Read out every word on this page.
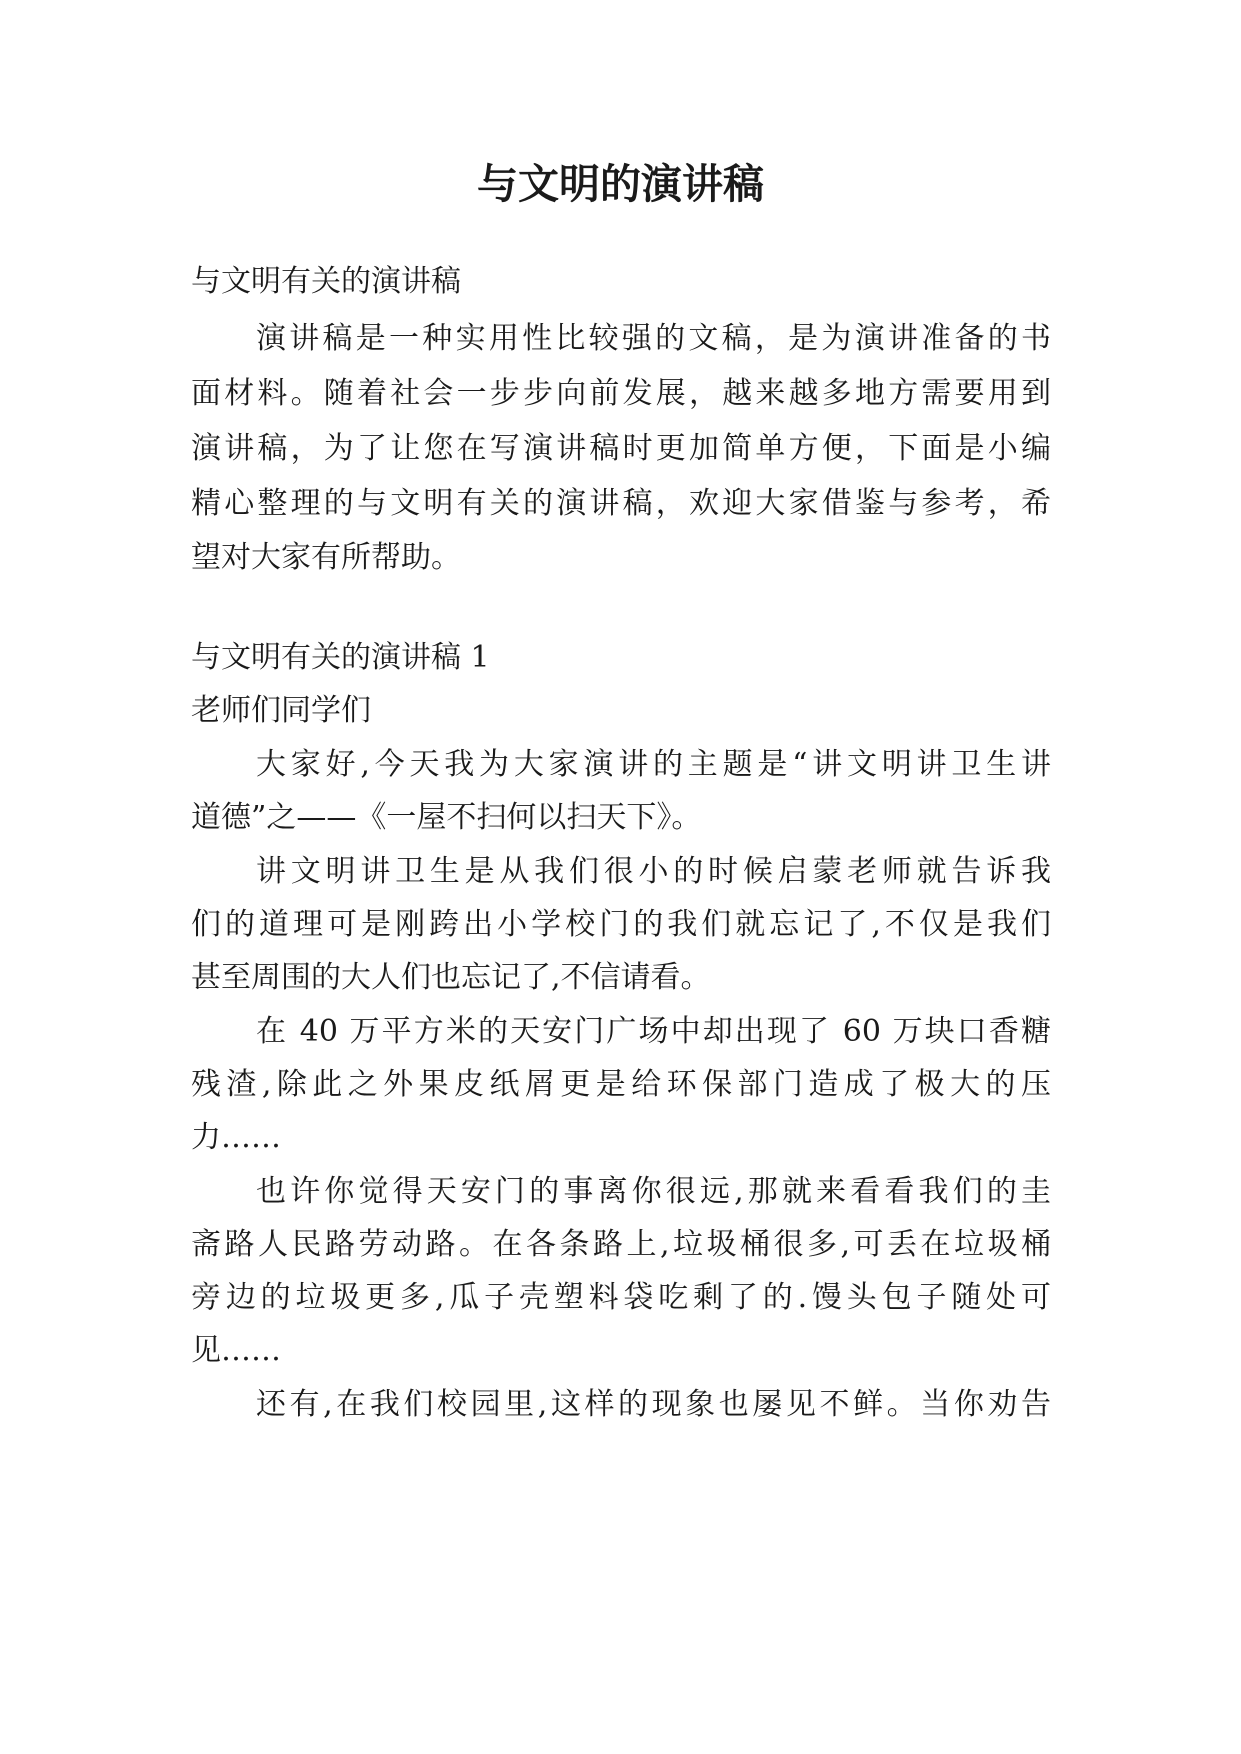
与文明的演讲稿
与文明有关的演讲稿
演讲稿是一种实用性比较强的文稿，是为演讲准备的书
面材料。随着社会一步步向前发展，越来越多地方需要用到
演讲稿，为了让您在写演讲稿时更加简单方便，下面是小编
精心整理的与文明有关的演讲稿，欢迎大家借鉴与参考，希
望对大家有所帮助。
与文明有关的演讲稿 1
老师们同学们
大家好,今天我为大家演讲的主题是“讲文明讲卫生讲
道德”之——《一屋不扫何以扫天下》。
讲文明讲卫生是从我们很小的时候启蒙老师就告诉我
们的道理可是刚跨出小学校门的我们就忘记了,不仅是我们
甚至周围的大人们也忘记了,不信请看。
在 40 万平方米的天安门广场中却出现了 60 万块口香糖
残渣,除此之外果皮纸屑更是给环保部门造成了极大的压
力……
也许你觉得天安门的事离你很远,那就来看看我们的圭
斋路人民路劳动路。在各条路上,垃圾桶很多,可丢在垃圾桶
旁边的垃圾更多,瓜子壳塑料袋吃剩了的.馒头包子随处可
见……
还有,在我们校园里,这样的现象也屡见不鲜。当你劝告
